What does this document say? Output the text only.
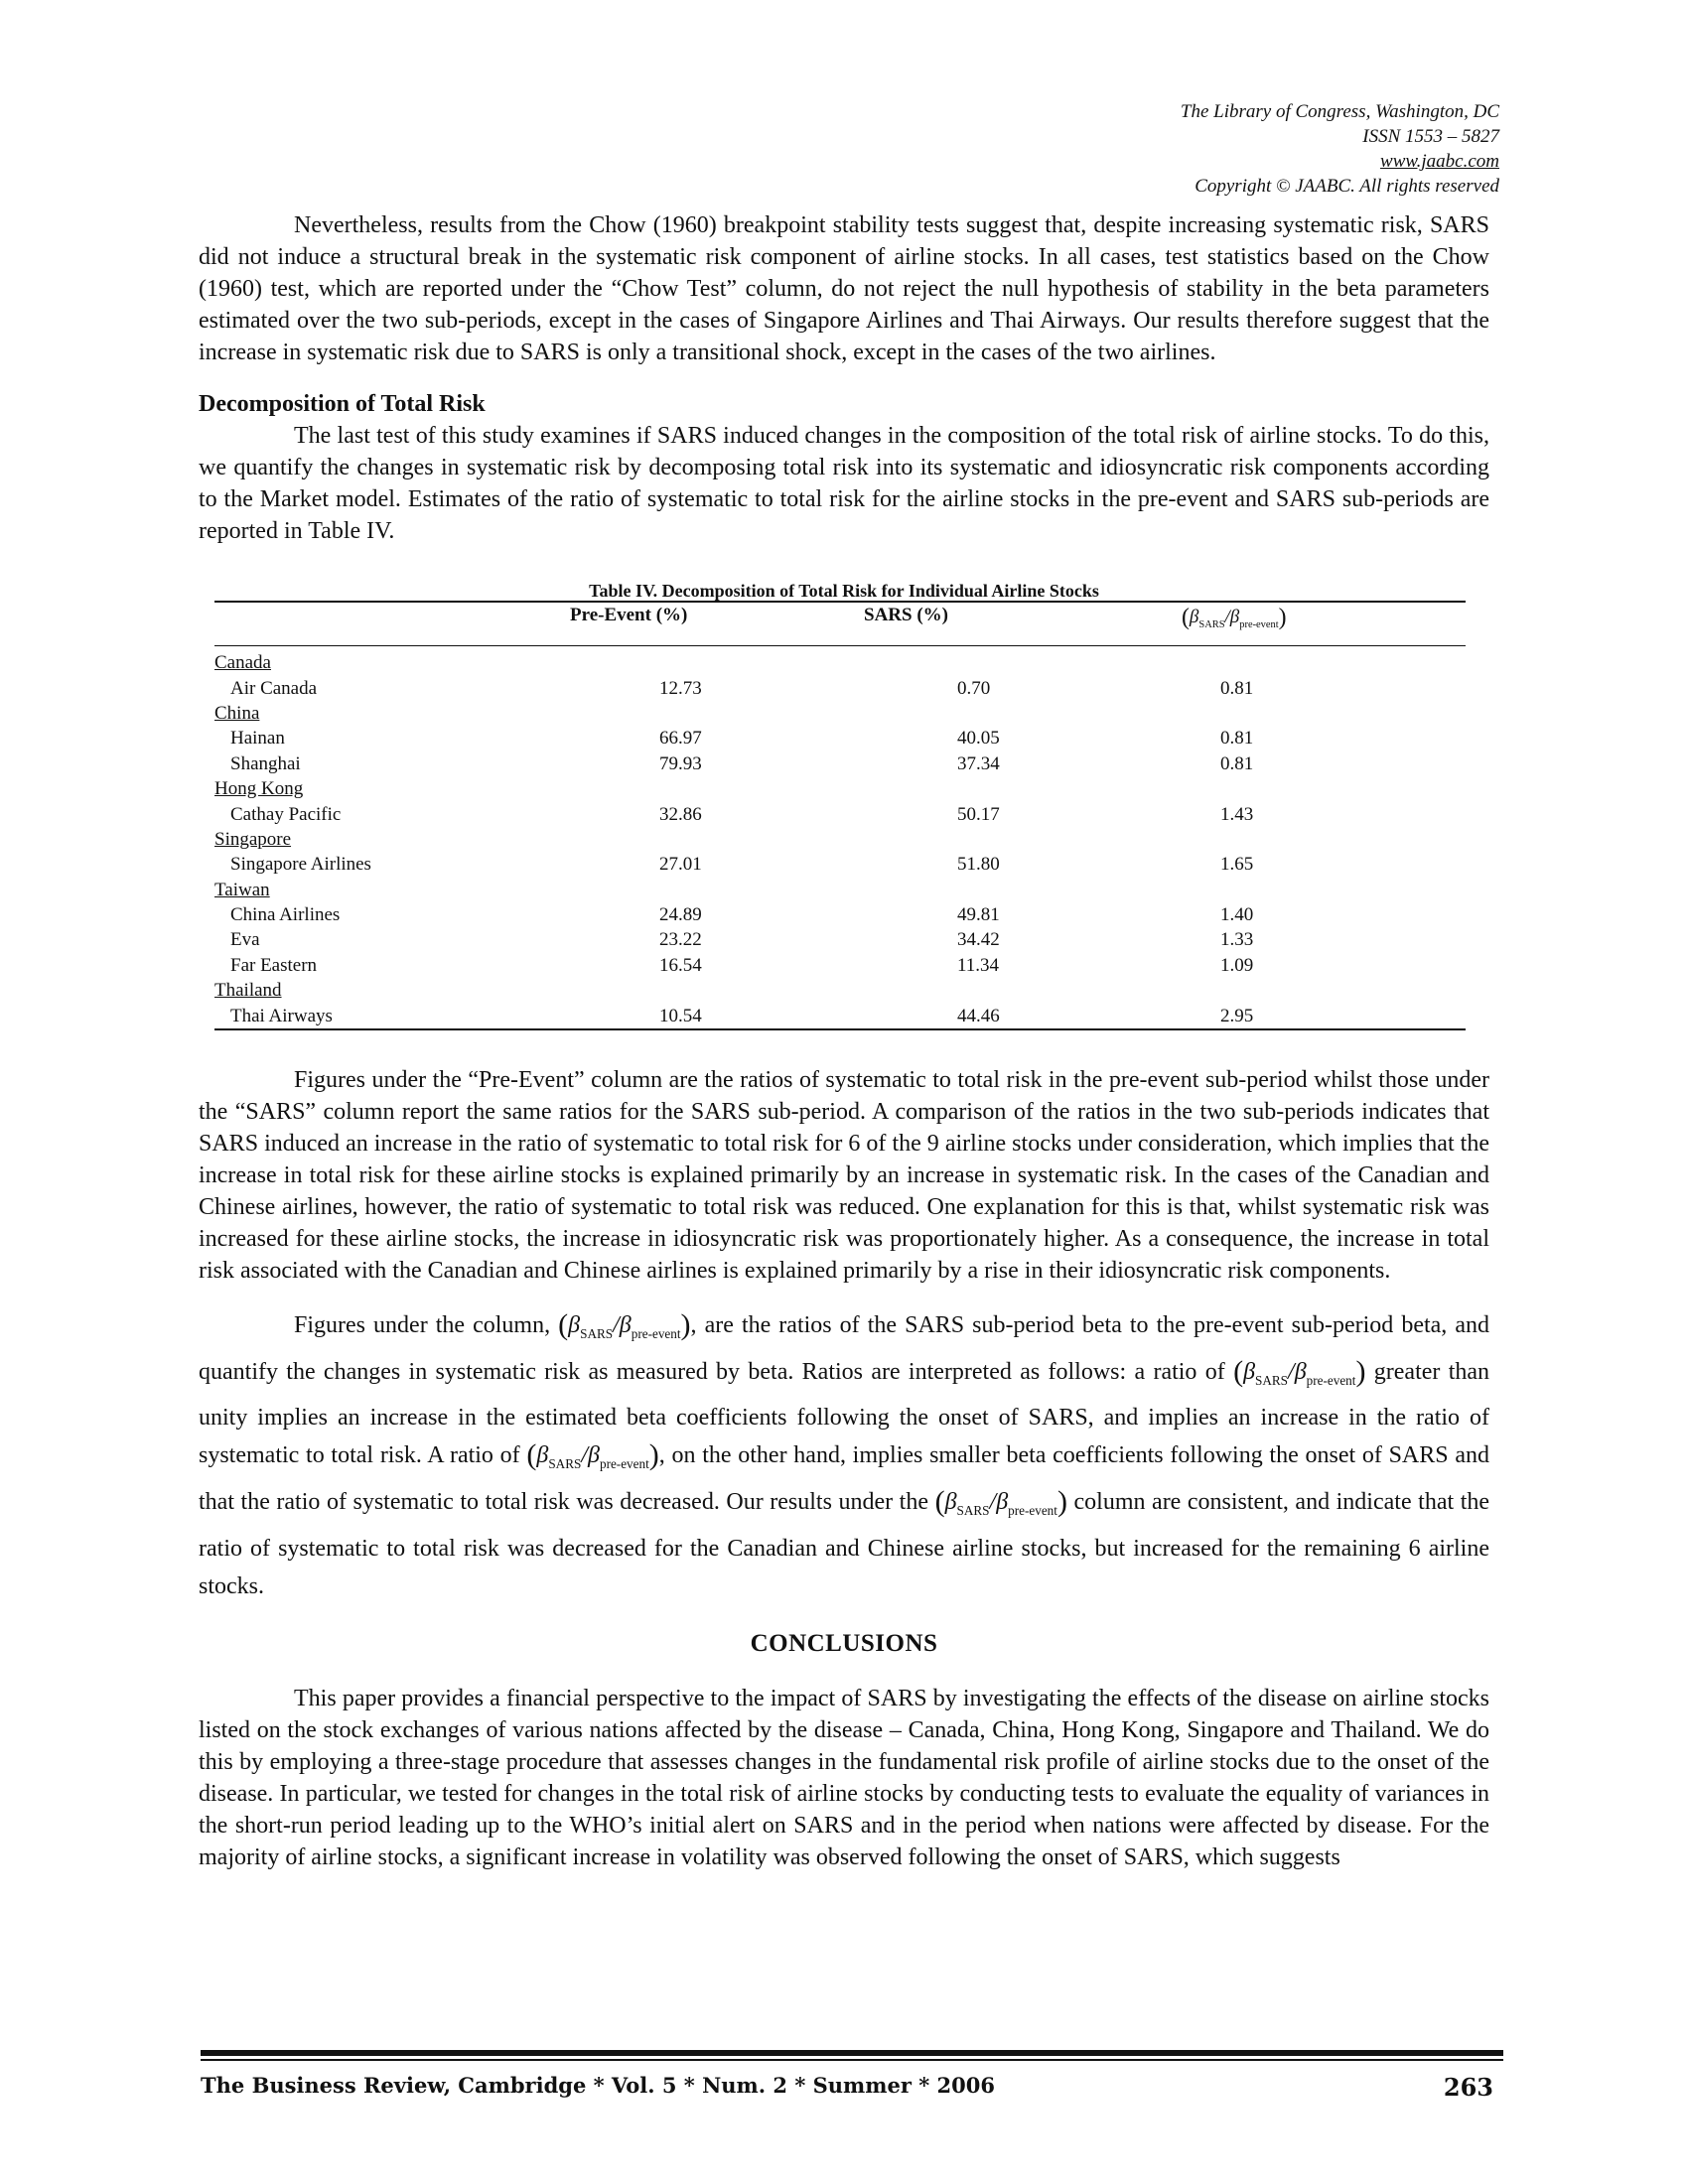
The Library of Congress, Washington, DC
ISSN 1553 – 5827
www.jaabc.com
Copyright © JAABC. All rights reserved

Nevertheless, results from the Chow (1960) breakpoint stability tests suggest that, despite increasing systematic risk, SARS did not induce a structural break in the systematic risk component of airline stocks. In all cases, test statistics based on the Chow (1960) test, which are reported under the “Chow Test” column, do not reject the null hypothesis of stability in the beta parameters estimated over the two sub-periods, except in the cases of Singapore Airlines and Thai Airways. Our results therefore suggest that the increase in systematic risk due to SARS is only a transitional shock, except in the cases of the two airlines.

Decomposition of Total Risk

The last test of this study examines if SARS induced changes in the composition of the total risk of airline stocks. To do this, we quantify the changes in systematic risk by decomposing total risk into its systematic and idiosyncratic risk components according to the Market model. Estimates of the ratio of systematic to total risk for the airline stocks in the pre-event and SARS sub-periods are reported in Table IV.

Table IV. Decomposition of Total Risk for Individual Airline Stocks
	Pre-Event (%)	SARS (%)	$(\beta_{SARS}/\beta_{pre-event})$
Canada			
Air Canada	12.73	0.70	0.81
China			
Hainan	66.97	40.05	0.81
Shanghai	79.93	37.34	0.81
Hong Kong			
Cathay Pacific	32.86	50.17	1.43
Singapore			
Singapore Airlines	27.01	51.80	1.65
Taiwan			
China Airlines	24.89	49.81	1.40
Eva	23.22	34.42	1.33
Far Eastern	16.54	11.34	1.09
Thailand			
Thai Airways	10.54	44.46	2.95

Figures under the “Pre-Event” column are the ratios of systematic to total risk in the pre-event sub-period whilst those under the “SARS” column report the same ratios for the SARS sub-period. A comparison of the ratios in the two sub-periods indicates that SARS induced an increase in the ratio of systematic to total risk for 6 of the 9 airline stocks under consideration, which implies that the increase in total risk for these airline stocks is explained primarily by an increase in systematic risk. In the cases of the Canadian and Chinese airlines, however, the ratio of systematic to total risk was reduced. One explanation for this is that, whilst systematic risk was increased for these airline stocks, the increase in idiosyncratic risk was proportionately higher. As a consequence, the increase in total risk associated with the Canadian and Chinese airlines is explained primarily by a rise in their idiosyncratic risk components.

Figures under the column, $(\beta_{SARS}/\beta_{pre-event})$, are the ratios of the SARS sub-period beta to the pre-event sub-period beta, and quantify the changes in systematic risk as measured by beta. Ratios are interpreted as follows: a ratio of $(\beta_{SARS}/\beta_{pre-event})$ greater than unity implies an increase in the estimated beta coefficients following the onset of SARS, and implies an increase in the ratio of systematic to total risk. A ratio of $(\beta_{SARS}/\beta_{pre-event})$, on the other hand, implies smaller beta coefficients following the onset of SARS and that the ratio of systematic to total risk was decreased. Our results under the $(\beta_{SARS}/\beta_{pre-event})$ column are consistent, and indicate that the ratio of systematic to total risk was decreased for the Canadian and Chinese airline stocks, but increased for the remaining 6 airline stocks.

CONCLUSIONS

This paper provides a financial perspective to the impact of SARS by investigating the effects of the disease on airline stocks listed on the stock exchanges of various nations affected by the disease – Canada, China, Hong Kong, Singapore and Thailand. We do this by employing a three-stage procedure that assesses changes in the fundamental risk profile of airline stocks due to the onset of the disease. In particular, we tested for changes in the total risk of airline stocks by conducting tests to evaluate the equality of variances in the short-run period leading up to the WHO’s initial alert on SARS and in the period when nations were affected by disease. For the majority of airline stocks, a significant increase in volatility was observed following the onset of SARS, which suggests

The Business Review, Cambridge * Vol. 5 * Num. 2 * Summer * 2006	263
